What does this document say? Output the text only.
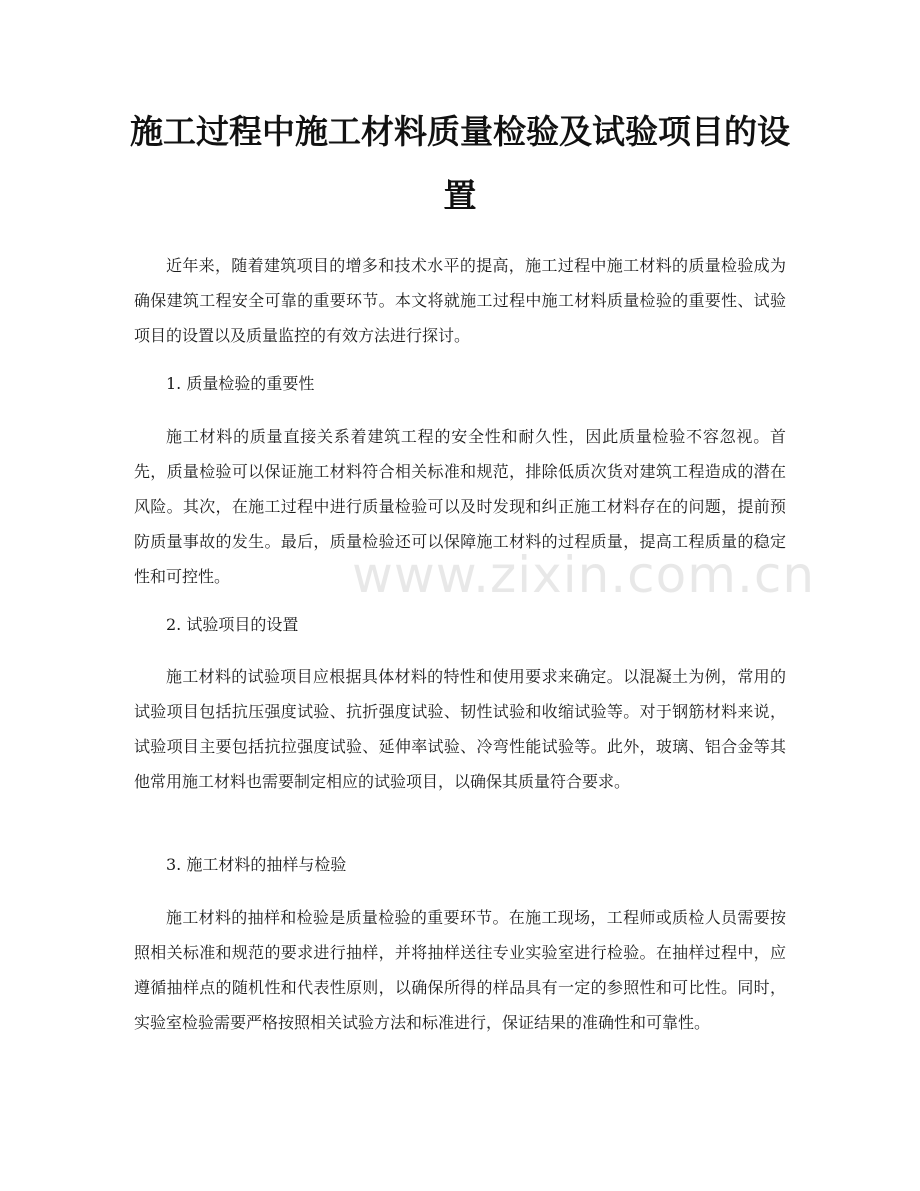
施工过程中施工材料质量检验及试验项目的设置

近年来，随着建筑项目的增多和技术水平的提高，施工过程中施工材料的质量检验成为确保建筑工程安全可靠的重要环节。本文将就施工过程中施工材料质量检验的重要性、试验项目的设置以及质量监控的有效方法进行探讨。

1. 质量检验的重要性

施工材料的质量直接关系着建筑工程的安全性和耐久性，因此质量检验不容忽视。首先，质量检验可以保证施工材料符合相关标准和规范，排除低质次货对建筑工程造成的潜在风险。其次，在施工过程中进行质量检验可以及时发现和纠正施工材料存在的问题，提前预防质量事故的发生。最后，质量检验还可以保障施工材料的过程质量，提高工程质量的稳定性和可控性。

2. 试验项目的设置

施工材料的试验项目应根据具体材料的特性和使用要求来确定。以混凝土为例，常用的试验项目包括抗压强度试验、抗折强度试验、韧性试验和收缩试验等。对于钢筋材料来说，试验项目主要包括抗拉强度试验、延伸率试验、冷弯性能试验等。此外，玻璃、铝合金等其他常用施工材料也需要制定相应的试验项目，以确保其质量符合要求。

3. 施工材料的抽样与检验

施工材料的抽样和检验是质量检验的重要环节。在施工现场，工程师或质检人员需要按照相关标准和规范的要求进行抽样，并将抽样送往专业实验室进行检验。在抽样过程中，应遵循抽样点的随机性和代表性原则，以确保所得的样品具有一定的参照性和可比性。同时，实验室检验需要严格按照相关试验方法和标准进行，保证结果的准确性和可靠性。

www.zixin.com.cn
